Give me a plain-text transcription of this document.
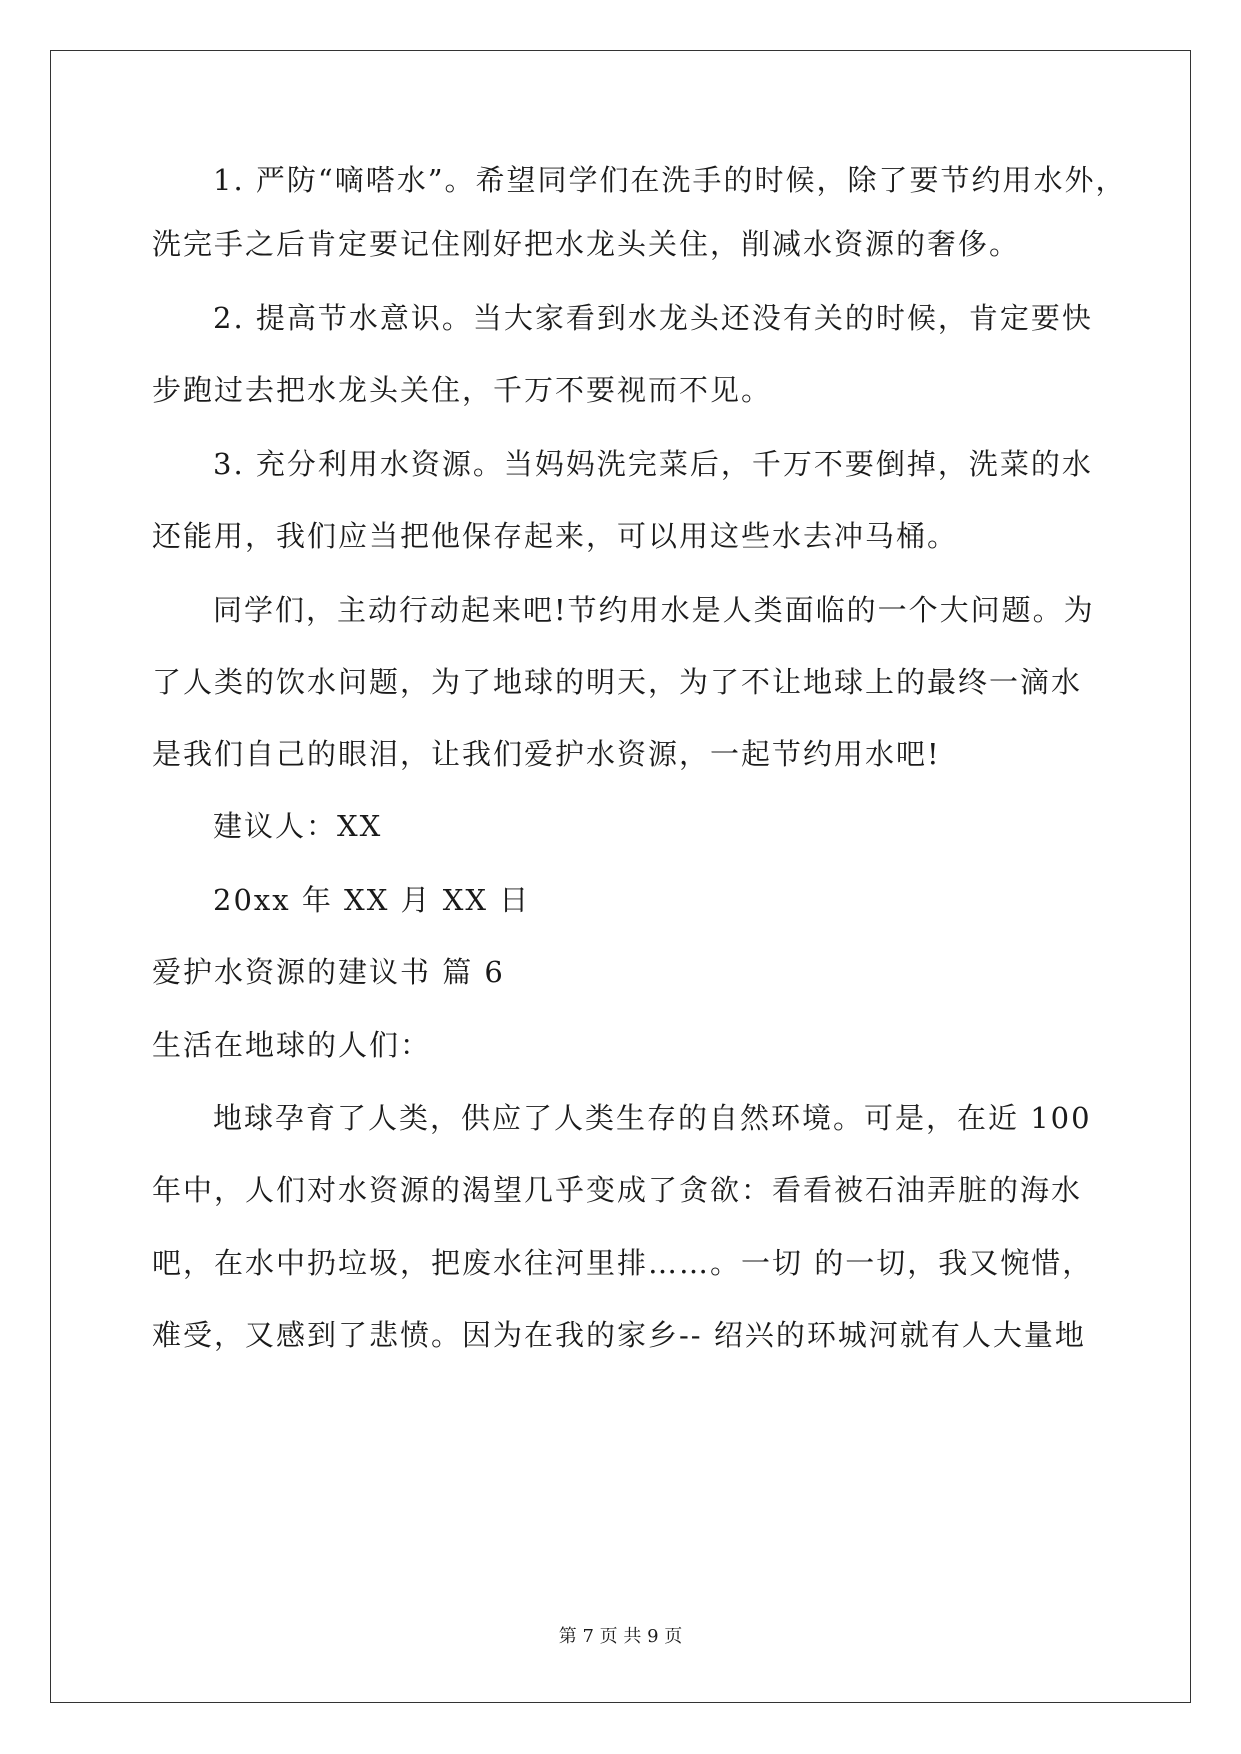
1. 严防“嘀嗒水”。希望同学们在洗手的时候，除了要节约用水外，
洗完手之后肯定要记住刚好把水龙头关住，削减水资源的奢侈。
2. 提高节水意识。当大家看到水龙头还没有关的时候，肯定要快
步跑过去把水龙头关住，千万不要视而不见。
3. 充分利用水资源。当妈妈洗完菜后，千万不要倒掉，洗菜的水
还能用，我们应当把他保存起来，可以用这些水去冲马桶。
同学们，主动行动起来吧!节约用水是人类面临的一个大问题。为
了人类的饮水问题，为了地球的明天，为了不让地球上的最终一滴水
是我们自己的眼泪，让我们爱护水资源，一起节约用水吧!
建议人：XX
20xx 年 XX 月 XX 日
爱护水资源的建议书 篇 6
生活在地球的人们：
地球孕育了人类，供应了人类生存的自然环境。可是，在近 100
年中，人们对水资源的渴望几乎变成了贪欲：看看被石油弄脏的海水
吧，在水中扔垃圾，把废水往河里排……。一切 的一切，我又惋惜，
难受，又感到了悲愤。因为在我的家乡-- 绍兴的环城河就有人大量地
第 7 页 共 9 页
